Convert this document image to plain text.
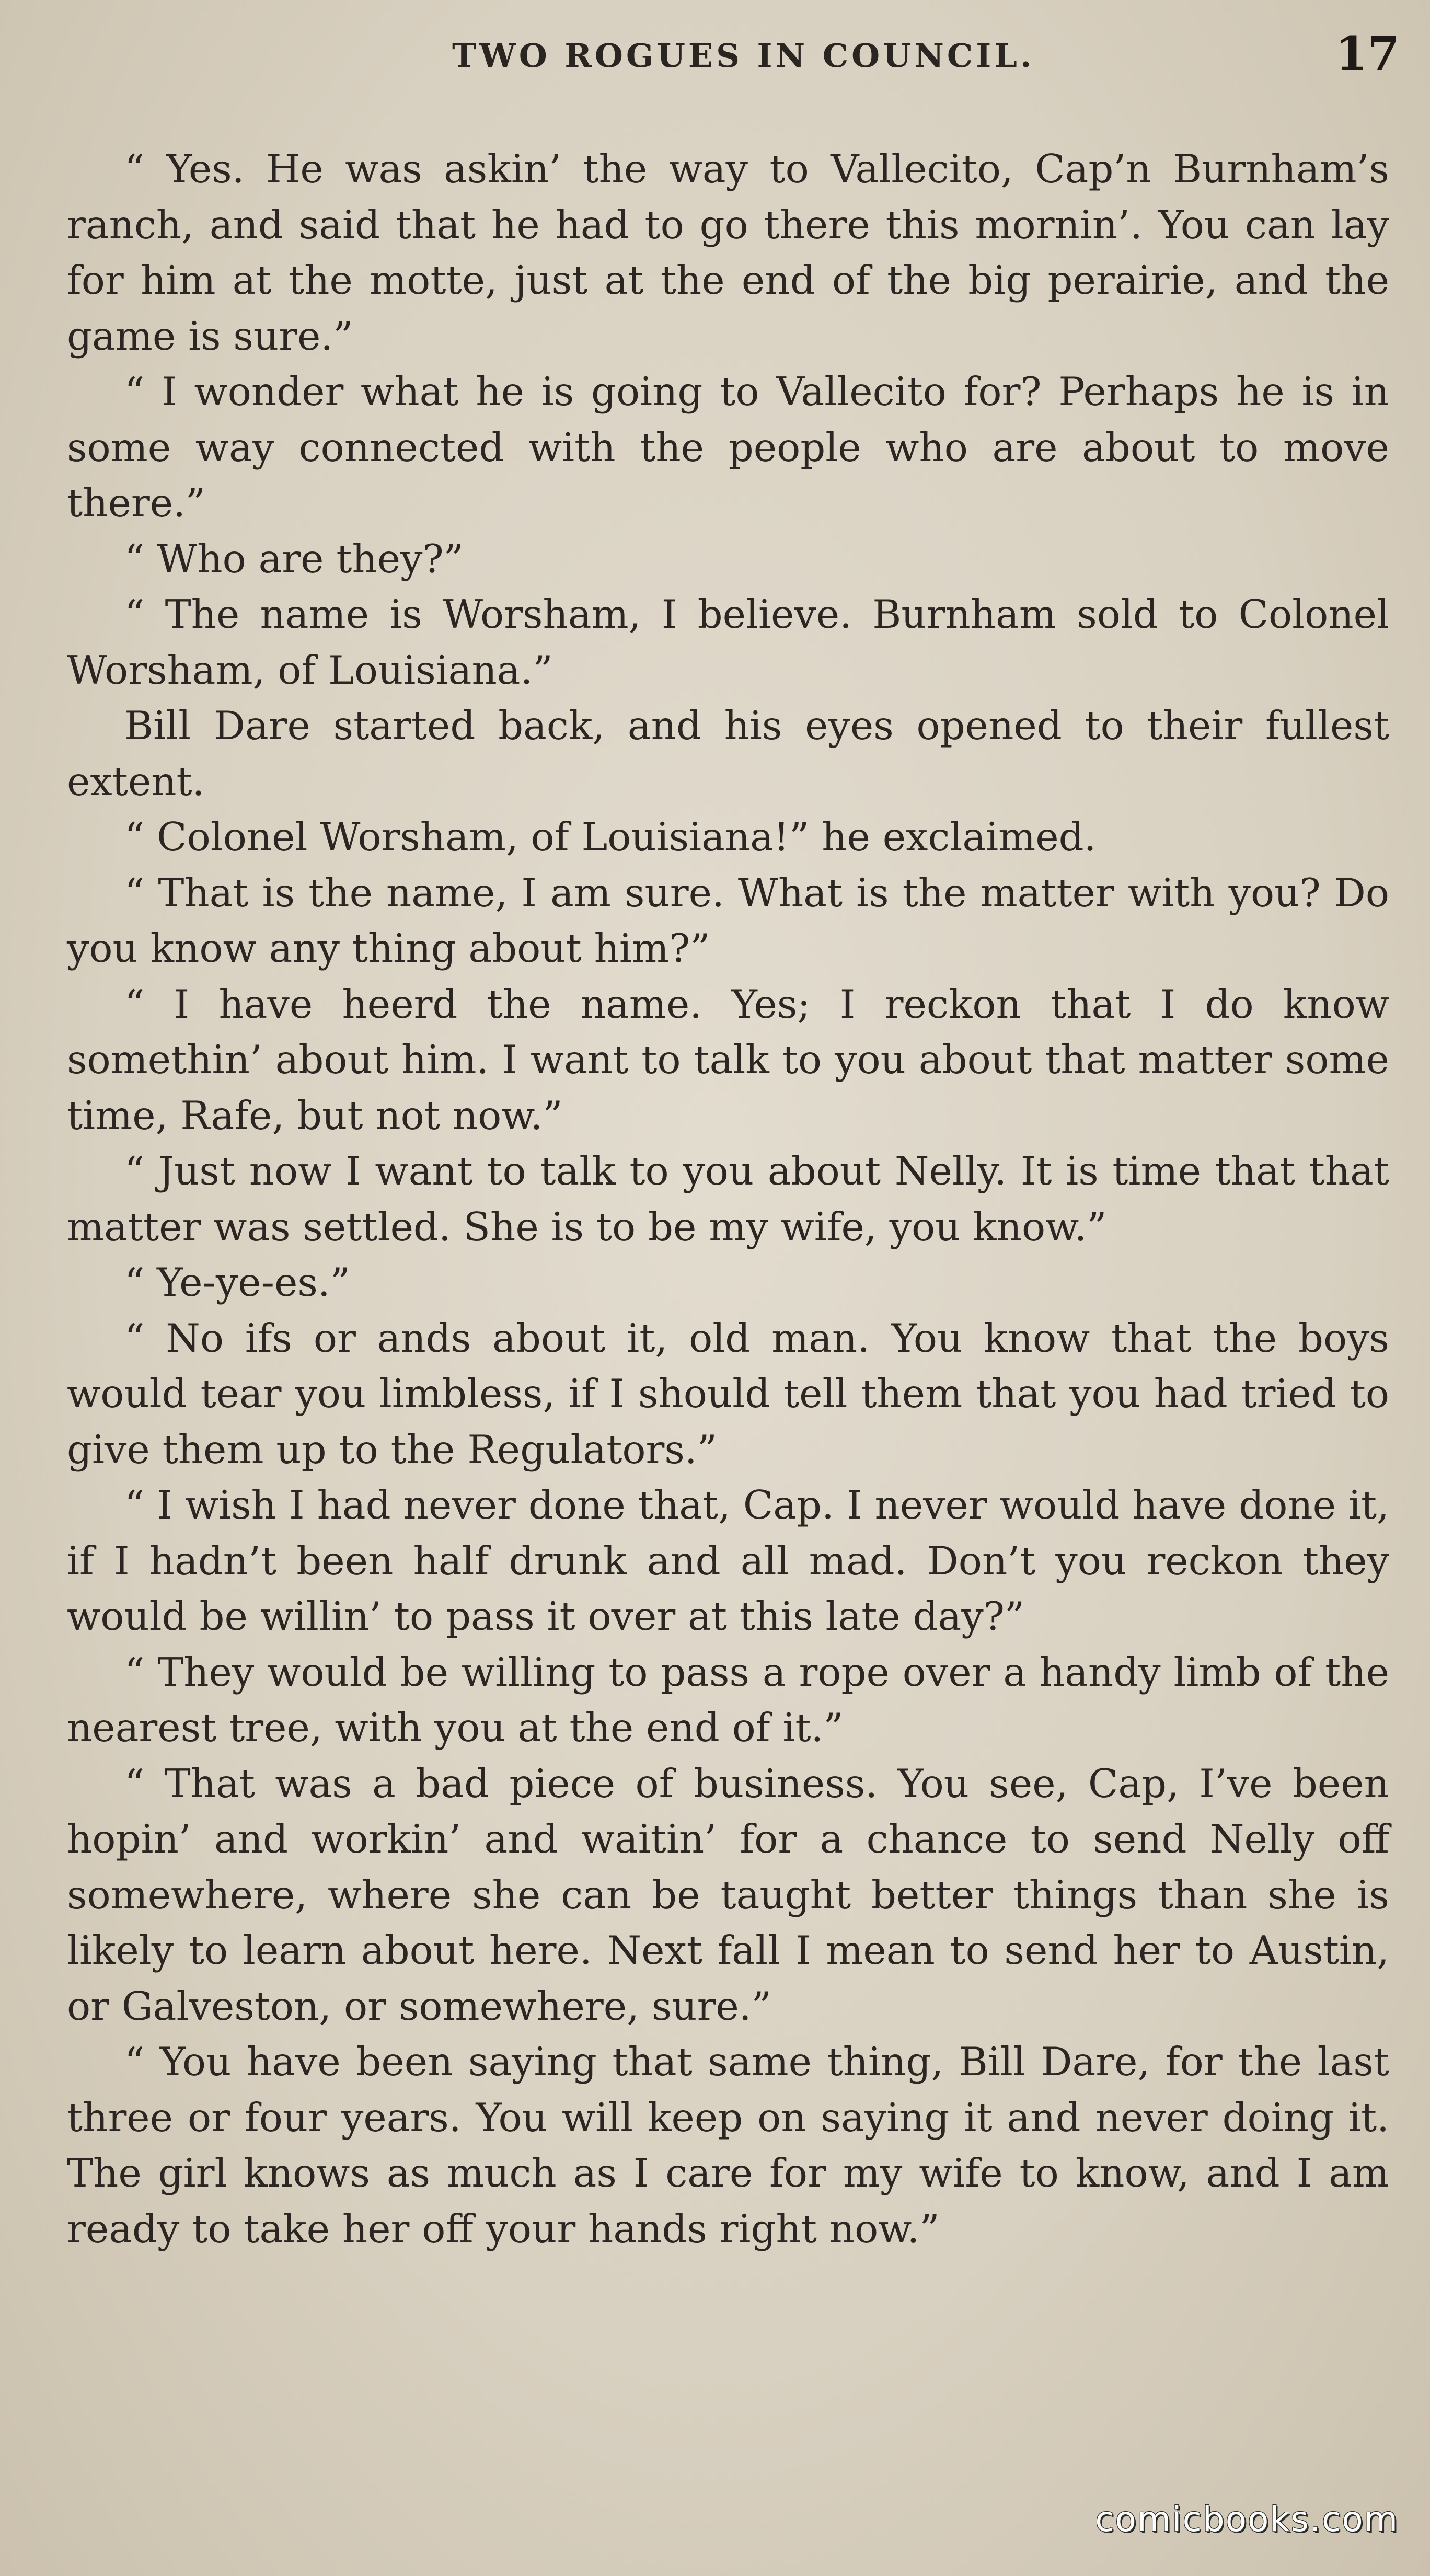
TWO ROGUES IN COUNCIL.	17

“ Yes. He was askin’ the way to Vallecito, Cap’n Burnham’s ranch, and said that he had to go there this mornin’. You can lay for him at the motte, just at the end of the big perairie, and the game is sure.”

“ I wonder what he is going to Vallecito for? Perhaps he is in some way connected with the people who are about to move there.”

“ Who are they?”

“ The name is Worsham, I believe. Burnham sold to Colonel Worsham, of Louisiana.”

Bill Dare started back, and his eyes opened to their fullest extent.

“ Colonel Worsham, of Louisiana!” he exclaimed.

“ That is the name, I am sure. What is the matter with you? Do you know any thing about him?”

“ I have heerd the name. Yes; I reckon that I do know somethin’ about him. I want to talk to you about that matter some time, Rafe, but not now.”

“ Just now I want to talk to you about Nelly. It is time that that matter was settled. She is to be my wife, you know.”

“ Ye-ye-es.”

“ No ifs or ands about it, old man. You know that the boys would tear you limbless, if I should tell them that you had tried to give them up to the Regulators.”

“ I wish I had never done that, Cap. I never would have done it, if I hadn’t been half drunk and all mad. Don’t you reckon they would be willin’ to pass it over at this late day?”

“ They would be willing to pass a rope over a handy limb of the nearest tree, with you at the end of it.”

“ That was a bad piece of business. You see, Cap, I’ve been hopin’ and workin’ and waitin’ for a chance to send Nelly off somewhere, where she can be taught better things than she is likely to learn about here. Next fall I mean to send her to Austin, or Galveston, or somewhere, sure.”

“ You have been saying that same thing, Bill Dare, for the last three or four years. You will keep on saying it and never doing it. The girl knows as much as I care for my wife to know, and I am ready to take her off your hands right now.”

comicbooks.com
